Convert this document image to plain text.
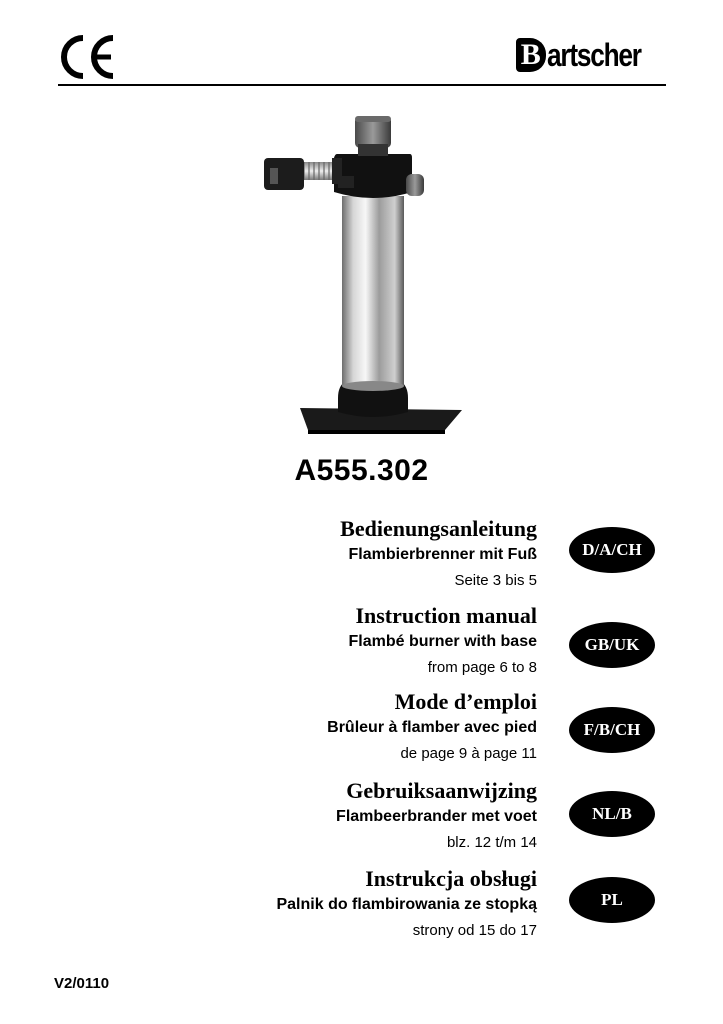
B artscher
A555.302
Bedienungsanleitung
Flambierbrenner mit Fuß
Seite 3 bis 5
D/A/CH
Instruction manual
Flambé burner with base
from page 6 to 8
GB/UK
Mode d’emploi
Brûleur à flamber avec pied
de page 9 à page 11
F/B/CH
Gebruiksaanwijzing
Flambeerbrander met voet
blz. 12 t/m 14
NL/B
Instrukcja obsługi
Palnik do flambirowania ze stopką
strony od 15 do 17
PL
V2/0110
